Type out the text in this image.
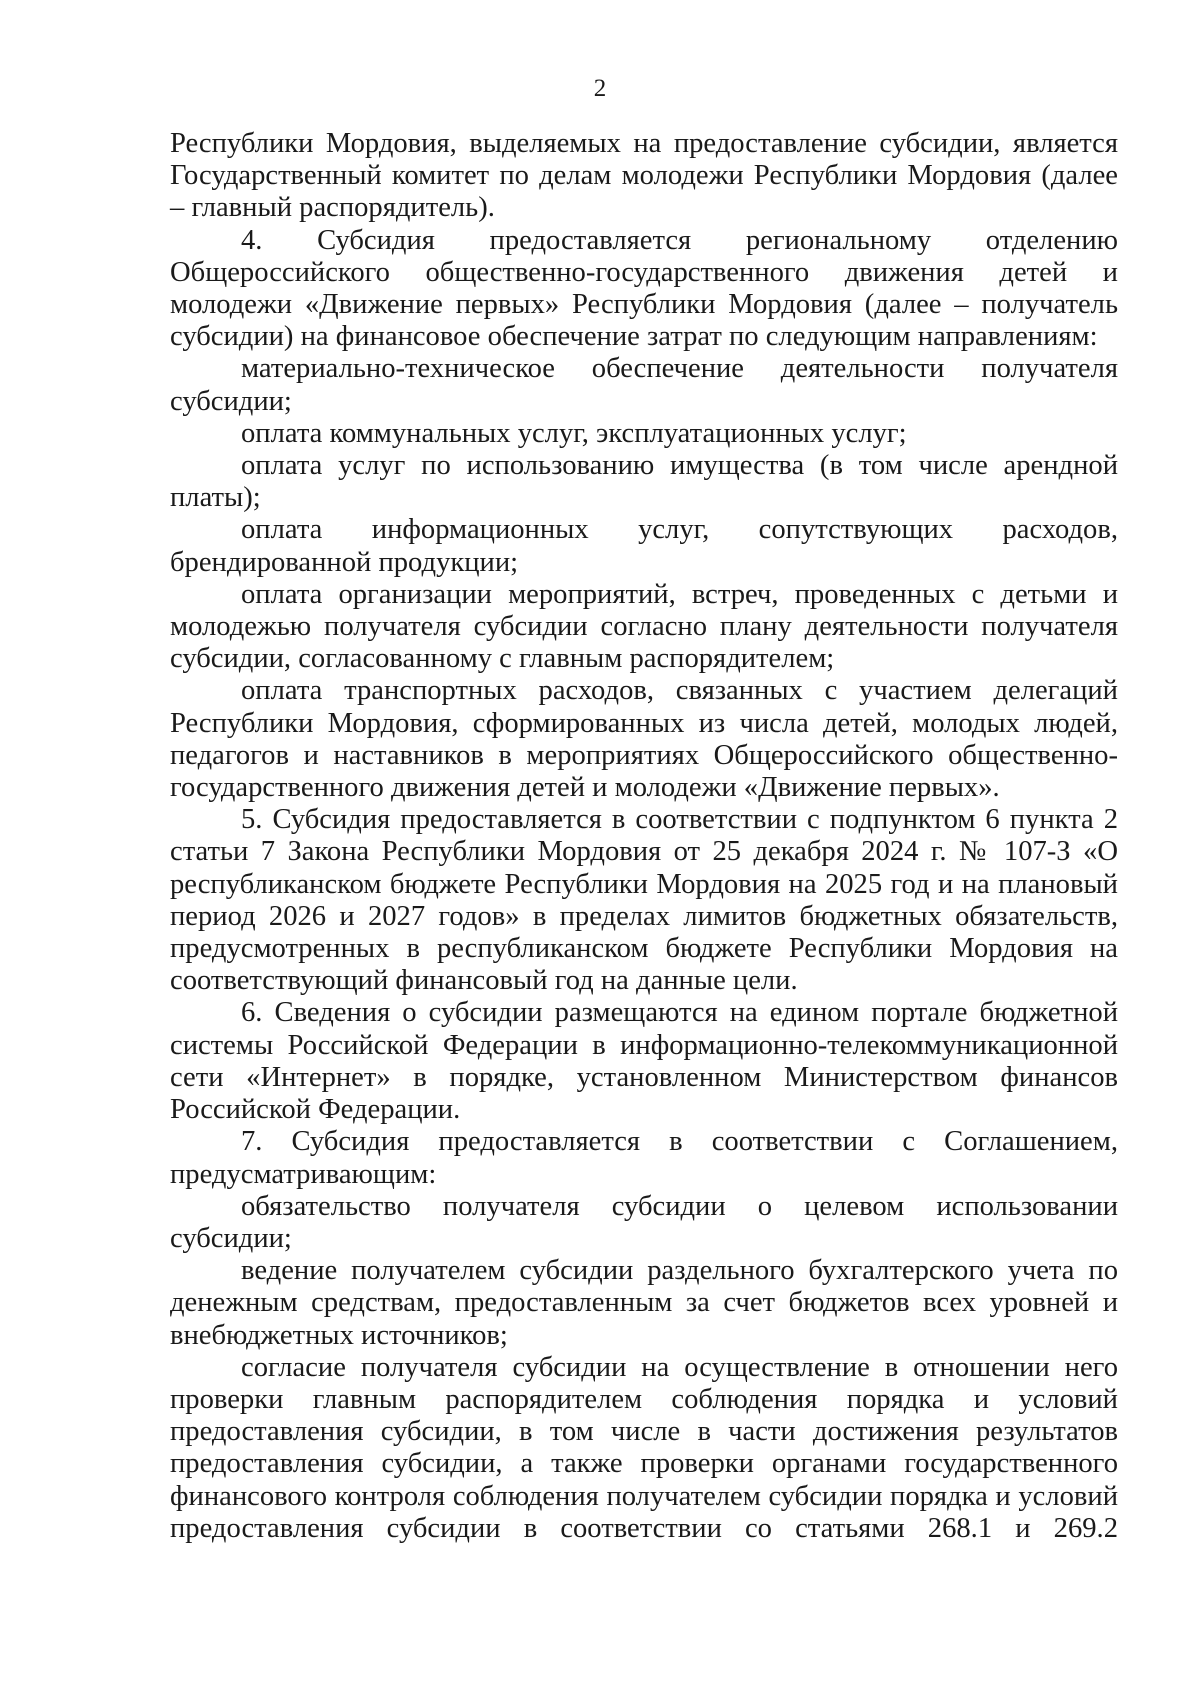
2

Республики Мордовия, выделяемых на предоставление субсидии, является Государственный комитет по делам молодежи Республики Мордовия (далее – главный распорядитель).

4. Субсидия предоставляется региональному отделению Общероссийского общественно-государственного движения детей и молодежи «Движение первых» Республики Мордовия (далее – получатель субсидии) на финансовое обеспечение затрат по следующим направлениям:

материально-техническое обеспечение деятельности получателя субсидии;

оплата коммунальных услуг, эксплуатационных услуг;

оплата услуг по использованию имущества (в том числе арендной платы);

оплата информационных услуг, сопутствующих расходов, брендированной продукции;

оплата организации мероприятий, встреч, проведенных с детьми и молодежью получателя субсидии согласно плану деятельности получателя субсидии, согласованному с главным распорядителем;

оплата транспортных расходов, связанных с участием делегаций Республики Мордовия, сформированных из числа детей, молодых людей, педагогов и наставников в мероприятиях Общероссийского общественно-государственного движения детей и молодежи «Движение первых».

5. Субсидия предоставляется в соответствии с подпунктом 6 пункта 2 статьи 7 Закона Республики Мордовия от 25 декабря 2024 г. № 107-З «О республиканском бюджете Республики Мордовия на 2025 год и на плановый период 2026 и 2027 годов» в пределах лимитов бюджетных обязательств, предусмотренных в республиканском бюджете Республики Мордовия на соответствующий финансовый год на данные цели.

6. Сведения о субсидии размещаются на едином портале бюджетной системы Российской Федерации в информационно-телекоммуникационной сети «Интернет» в порядке, установленном Министерством финансов Российской Федерации.

7. Субсидия предоставляется в соответствии с Соглашением, предусматривающим:

обязательство получателя субсидии о целевом использовании субсидии;

ведение получателем субсидии раздельного бухгалтерского учета по денежным средствам, предоставленным за счет бюджетов всех уровней и внебюджетных источников;

согласие получателя субсидии на осуществление в отношении него проверки главным распорядителем соблюдения порядка и условий предоставления субсидии, в том числе в части достижения результатов предоставления субсидии, а также проверки органами государственного финансового контроля соблюдения получателем субсидии порядка и условий предоставления субсидии в соответствии со статьями 268.1 и 269.2
